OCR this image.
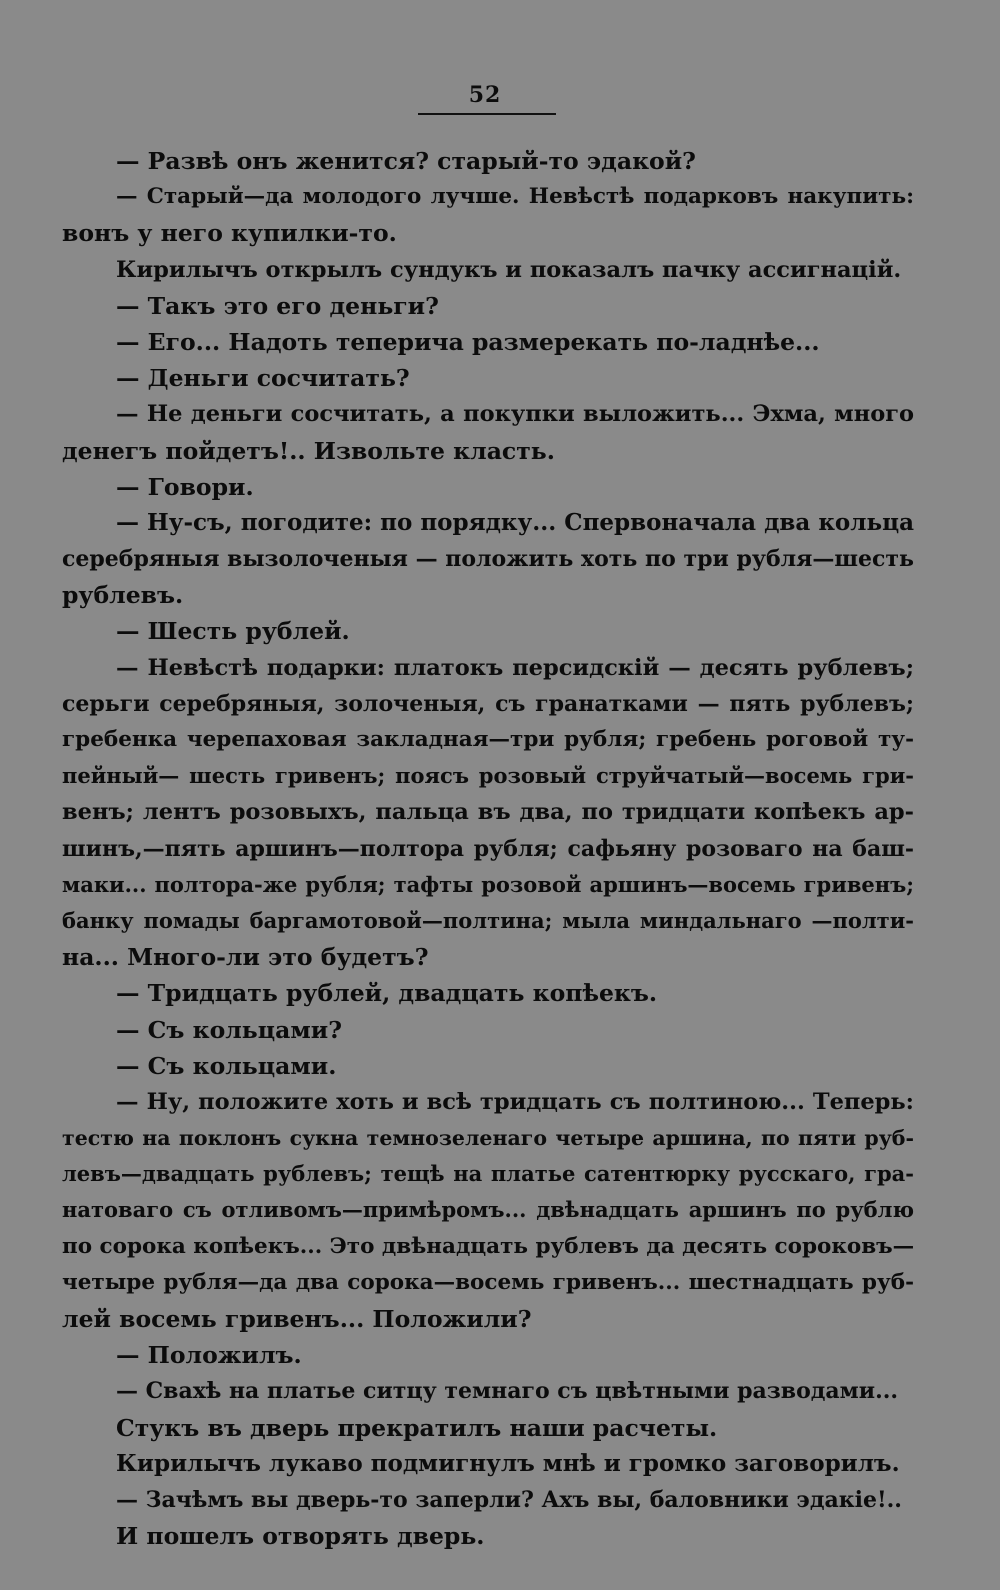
52
— Развѣ онъ женится? старый-то эдакой?
— Старый—да молодого лучше. Невѣстѣ подарковъ накупить:
вонъ у него купилки-то.
Кирилычъ открылъ сундукъ и показалъ пачку ассигнацій.
— Такъ это его деньги?
— Его... Надоть теперича размерекать по-ладнѣе...
— Деньги сосчитать?
— Не деньги сосчитать, а покупки выложить... Эхма, много
денегъ пойдетъ!.. Извольте класть.
— Говори.
— Ну-съ, погодите: по порядку... Спервоначала два кольца
серебряныя вызолоченыя — положить хоть по три рубля—шесть
рублевъ.
— Шесть рублей.
— Невѣстѣ подарки: платокъ персидскій — десять рублевъ;
серьги серебряныя, золоченыя, съ гранатками — пять рублевъ;
гребенка черепаховая закладная—три рубля; гребень роговой ту-
пейный— шесть гривенъ; поясъ розовый струйчатый—восемь гри-
венъ; лентъ розовыхъ, пальца въ два, по тридцати копѣекъ ар-
шинъ,—пять аршинъ—полтора рубля; сафьяну розоваго на баш-
маки... полтора-же рубля; тафты розовой аршинъ—восемь гривенъ;
банку помады баргамотовой—полтина; мыла миндальнаго —полти-
на... Много-ли это будетъ?
— Тридцать рублей, двадцать копѣекъ.
— Съ кольцами?
— Съ кольцами.
— Ну, положите хоть и всѣ тридцать съ полтиною... Теперь:
тестю на поклонъ сукна темнозеленаго четыре аршина, по пяти руб-
левъ—двадцать рублевъ; тещѣ на платье сатентюрку русскаго, гра-
натоваго съ отливомъ—примѣромъ... двѣнадцать аршинъ по рублю
по сорока копѣекъ... Это двѣнадцать рублевъ да десять сороковъ—
четыре рубля—да два сорока—восемь гривенъ... шестнадцать руб-
лей восемь гривенъ... Положили?
— Положилъ.
— Свахѣ на платье ситцу темнаго съ цвѣтными разводами...
Стукъ въ дверь прекратилъ наши расчеты.
Кирилычъ лукаво подмигнулъ мнѣ и громко заговорилъ.
— Зачѣмъ вы дверь-то заперли? Ахъ вы, баловники эдакіе!..
И пошелъ отворять дверь.
